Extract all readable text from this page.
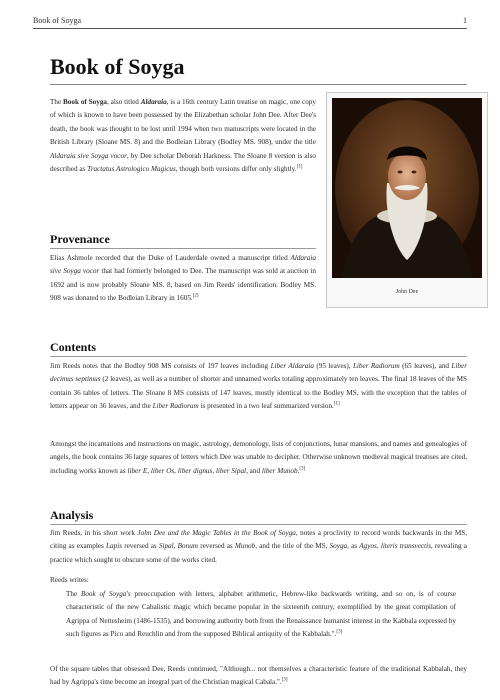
Book of Soyga	1
Book of Soyga
The Book of Soyga, also titled Aldaraia, is a 16th century Latin treatise on magic, one copy of which is known to have been possessed by the Elizabethan scholar John Dee. After Dee's death, the book was thought to be lost until 1994 when two manuscripts were located in the British Library (Sloane MS. 8) and the Bodleian Library (Bodley MS. 908), under the title Aldaraia sive Soyga vocor, by Dee scholar Deborah Harkness. The Sloane 8 version is also described as Tractatus Astrologico Magicus, though both versions differ only slightly.[1]
John Dee
Provenance
Elias Ashmole recorded that the Duke of Lauderdale owned a manuscript titled Aldaraia sive Soyga vocor that had formerly belonged to Dee. The manuscript was sold at auction in 1692 and is now probably Sloane MS. 8, based on Jim Reeds' identification. Bodley MS. 908 was donated to the Bodleian Library in 1605.[2]
Contents
Jim Reeds notes that the Bodley 908 MS consists of 197 leaves including Liber Aldaraia (95 leaves), Liber Radiorum (65 leaves), and Liber decimus septimus (2 leaves), as well as a number of shorter and unnamed works totaling approximately ten leaves. The final 18 leaves of the MS contain 36 tables of letters. The Sloane 8 MS consists of 147 leaves, mostly identical to the Bodley MS, with the exception that the tables of letters appear on 36 leaves, and the Liber Radiorum is presented in a two leaf summarized version.[1]
Amongst the incantations and instructions on magic, astrology, demonology, lists of conjunctions, lunar mansions, and names and genealogies of angels, the book contains 36 large squares of letters which Dee was unable to decipher. Otherwise unknown medieval magical treatises are cited, including works known as liber E, liber Os, liber dignus, liber Sipal, and liber Munob.[3]
Analysis
Jim Reeds, in his short work John Dee and the Magic Tables in the Book of Soyga, notes a proclivity to record words backwards in the MS, citing as examples Lapis reversed as Sipal, Bonum reversed as Munob, and the title of the MS, Soyga, as Agyos, literis transvectis, revealing a practice which sought to obscure some of the works cited.
Reeds writes:
The Book of Soyga's preoccupation with letters, alphabet arithmetic, Hebrew-like backwards writing, and so on, is of course characteristic of the new Cabalistic magic which became popular in the sixteenth century, exemplified by the great compilation of Agrippa of Nettesheim (1486-1535), and borrowing authority both from the Renaissance humanist interest in the Kabbala expressed by such figures as Pico and Reuchlin and from the supposed Biblical antiquity of the Kabbalah.".[3]
Of the square tables that obsessed Dee, Reeds continued, "Although... not themselves a characteristic feature of the traditional Kabbalah, they had by Agrippa's time become an integral part of the Christian magical Cabala.".[3]
